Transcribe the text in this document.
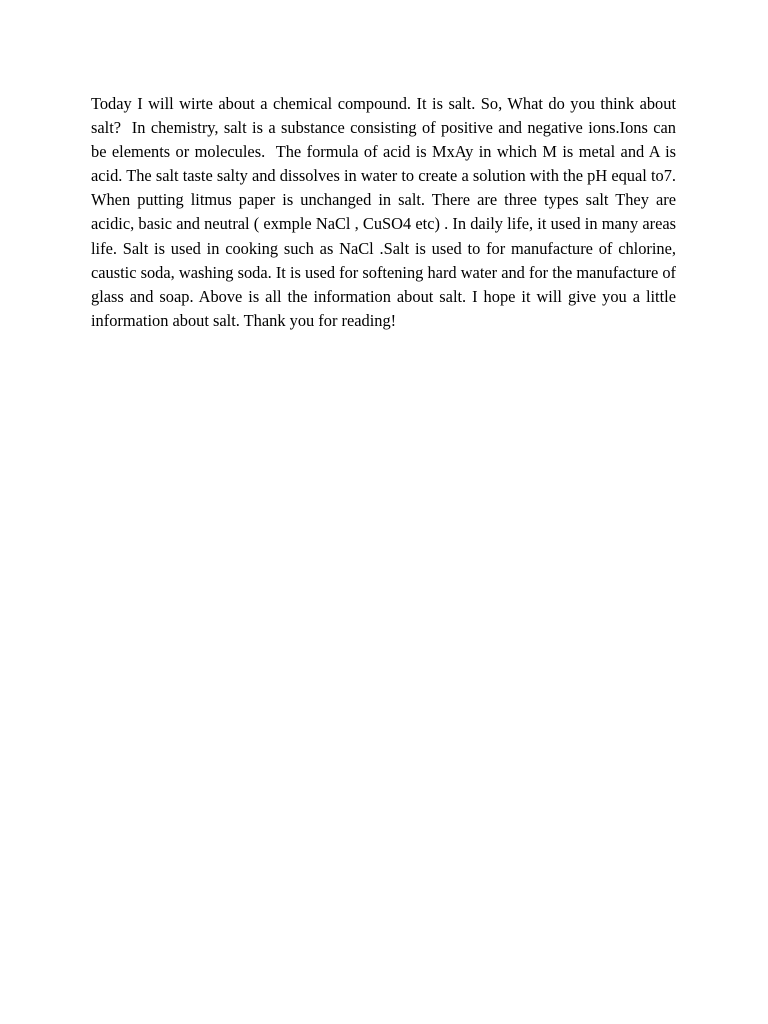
Today I will wirte about a chemical compound. It is salt. So, What do you think about salt?  In chemistry, salt is a substance consisting of positive and negative ions.Ions can be elements or molecules.  The formula of acid is MxAy in which M is metal and A is acid. The salt taste salty and dissolves in water to create a solution with the pH equal to7. When putting litmus paper is unchanged in salt. There are three types salt They are acidic, basic and neutral ( exmple NaCl , CuSO4 etc) . In daily life, it used in many areas life. Salt is used in cooking such as NaCl .Salt is used to for manufacture of chlorine, caustic soda, washing soda. It is used for softening hard water and for the manufacture of glass and soap. Above is all the information about salt. I hope it will give you a little information about salt. Thank you for reading!
